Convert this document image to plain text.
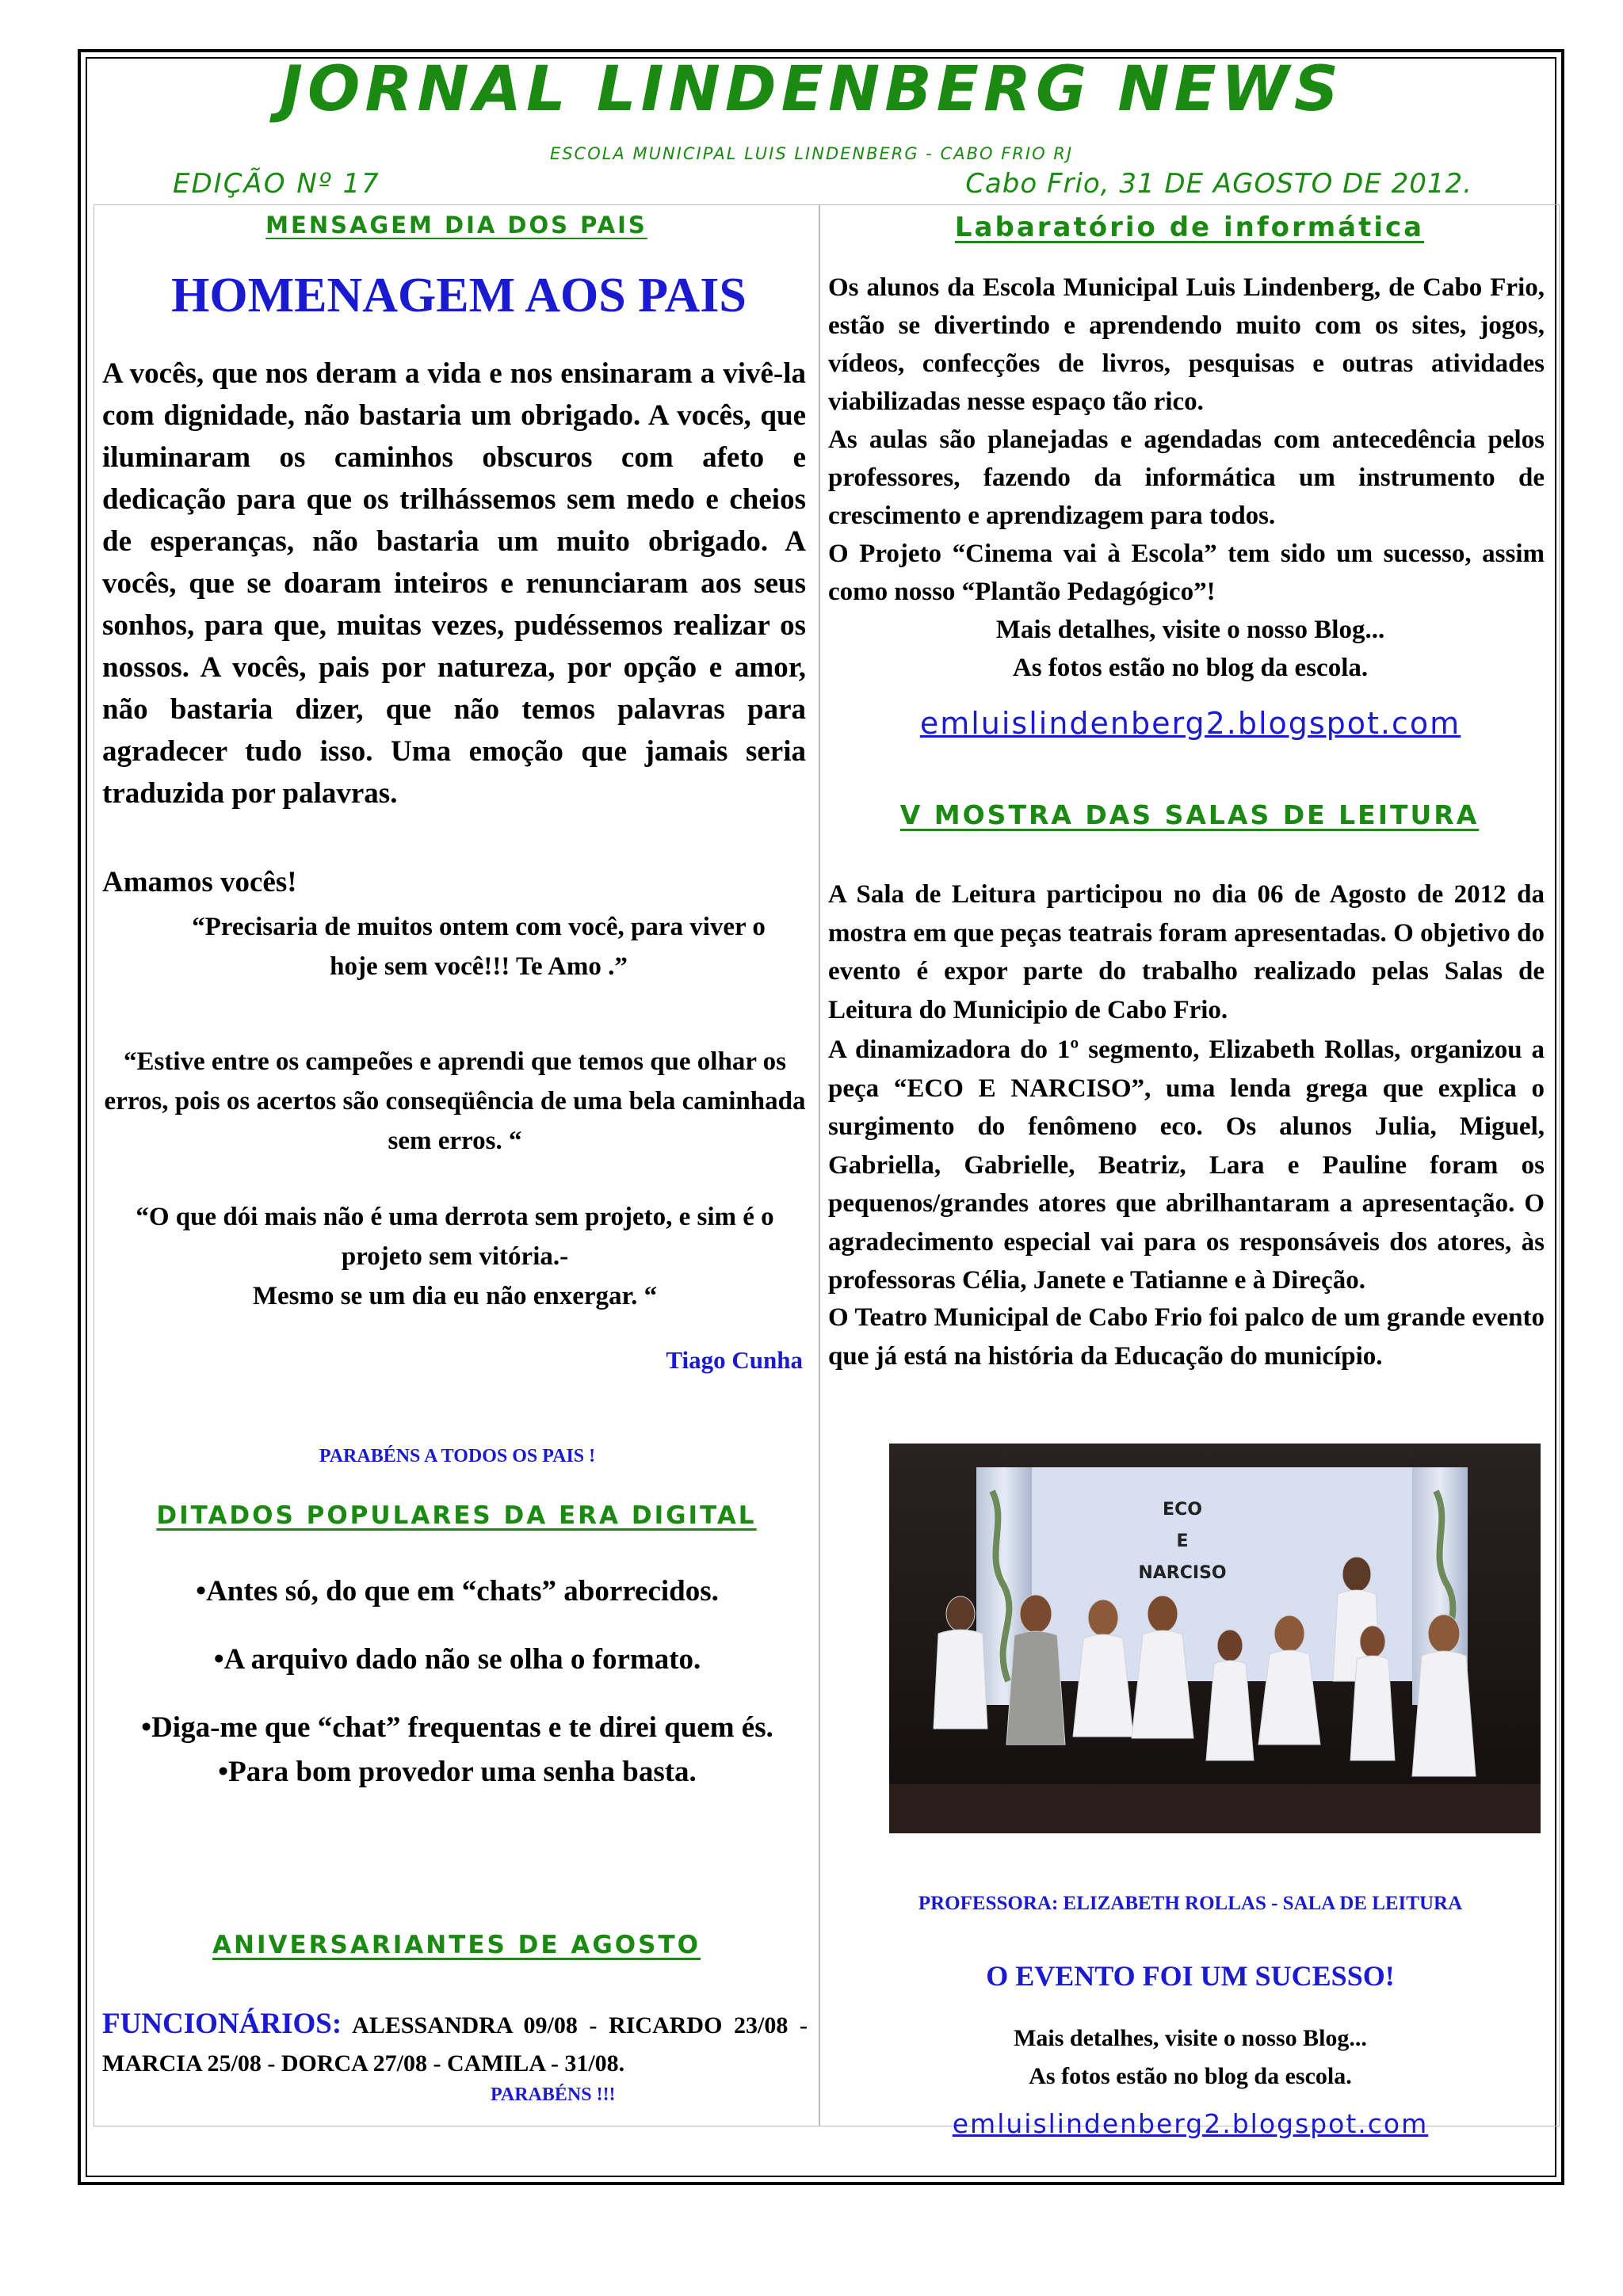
JORNAL LINDENBERG NEWS
ESCOLA MUNICIPAL LUIS LINDENBERG - CABO FRIO RJ
EDIÇÃO Nº 17	Cabo Frio, 31 DE AGOSTO DE 2012.
MENSAGEM DIA DOS PAIS
HOMENAGEM AOS PAIS
A vocês, que nos deram a vida e nos ensinaram a vivê-la com dignidade, não bastaria um obrigado. A vocês, que iluminaram os caminhos obscuros com afeto e dedicação para que os trilhássemos sem medo e cheios de esperanças, não bastaria um muito obrigado. A vocês, que se doaram inteiros e renunciaram aos seus sonhos, para que, muitas vezes, pudéssemos realizar os nossos. A vocês, pais por natureza, por opção e amor, não bastaria dizer, que não temos palavras para agradecer tudo isso. Uma emoção que jamais seria traduzida por palavras.
Amamos vocês!
“Precisaria de muitos ontem com você, para viver o hoje sem você!!! Te Amo .”
“Estive entre os campeões e aprendi que temos que olhar os erros, pois os acertos são conseqüência de uma bela caminhada sem erros. “
“O que dói mais não é uma derrota sem projeto, e sim é o projeto sem vitória.-
Mesmo se um dia eu não enxergar. “
Tiago Cunha
PARABÉNS A TODOS OS PAIS !
DITADOS POPULARES DA ERA DIGITAL
•Antes só, do que em “chats” aborrecidos.
•A arquivo dado não se olha o formato.
•Diga-me que “chat” frequentas e te direi quem és.
•Para bom provedor uma senha basta.
ANIVERSARIANTES DE AGOSTO
FUNCIONÁRIOS: ALESSANDRA 09/08 - RICARDO 23/08 - MARCIA 25/08 - DORCA 27/08 - CAMILA - 31/08.
PARABÉNS !!!
Labaratório de informática
Os alunos da Escola Municipal Luis Lindenberg, de Cabo Frio, estão se divertindo e aprendendo muito com os sites, jogos, vídeos, confecções de livros, pesquisas e outras atividades viabilizadas nesse espaço tão rico.
As aulas são planejadas e agendadas com antecedência pelos professores, fazendo da informática um instrumento de crescimento e aprendizagem para todos.
O Projeto “Cinema vai à Escola” tem sido um sucesso, assim como nosso “Plantão Pedagógico”!
Mais detalhes, visite o nosso Blog...
As fotos estão no blog da escola.
emluislindenberg2.blogspot.com
V MOSTRA DAS SALAS DE LEITURA
A Sala de Leitura participou no dia 06 de Agosto de 2012 da mostra em que peças teatrais foram apresentadas. O objetivo do evento é expor parte do trabalho realizado pelas Salas de Leitura do Municipio de Cabo Frio.
A dinamizadora do 1º segmento, Elizabeth Rollas, organizou a peça “ECO E NARCISO”, uma lenda grega que explica o surgimento do fenômeno eco. Os alunos Julia, Miguel, Gabriella, Gabrielle, Beatriz, Lara e Pauline foram os pequenos/grandes atores que abrilhantaram a apresentação. O agradecimento especial vai para os responsáveis dos atores, às professoras Célia, Janete e Tatianne e à Direção.
O Teatro Municipal de Cabo Frio foi palco de um grande evento que já está na história da Educação do município.
PROFESSORA: ELIZABETH ROLLAS - SALA DE LEITURA
O EVENTO FOI UM SUCESSO!
Mais detalhes, visite o nosso Blog...
As fotos estão no blog da escola.
emluislindenberg2.blogspot.com
ECO
E
NARCISO
